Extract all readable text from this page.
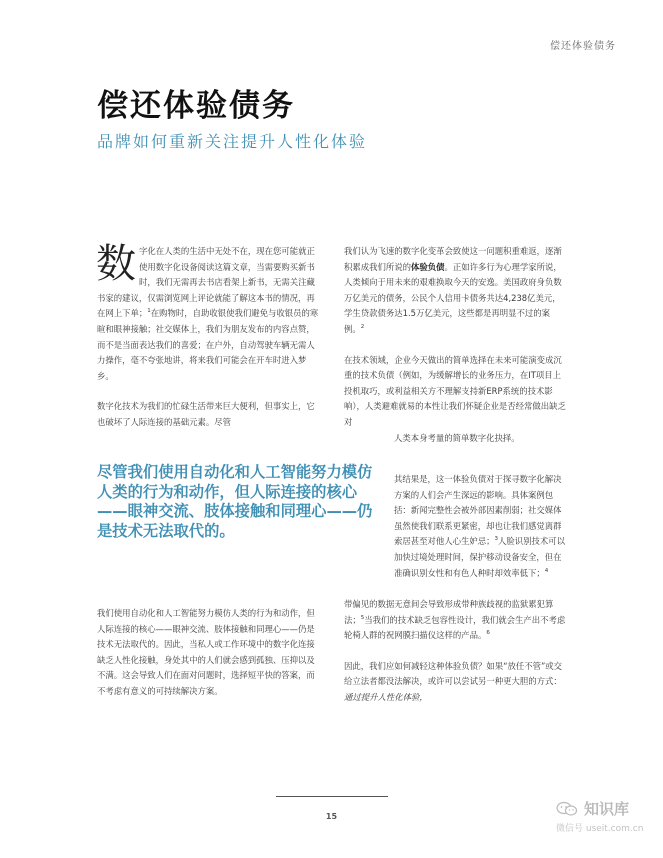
偿还体验债务
偿还体验债务
品牌如何重新关注提升人性化体验

数字化在人类的生活中无处不在，现在您可能就正使用数字化设备阅读这篇文章，当需要购买新书时，我们无需再去书店看架上新书，无需关注藏书家的建议，仅需浏览网上评论就能了解这本书的情况，再在网上下单；$^1$在购物时，自助收银使我们避免与收银员的寒暄和眼神接触；社交媒体上，我们为朋友发布的内容点赞，而不是当面表达我们的喜爱；在户外，自动驾驶车辆无需人力操作，毫不夸张地讲，将来我们可能会在开车时进入梦乡。

数字化技术为我们的忙碌生活带来巨大便利，但事实上，它也破坏了人际连接的基础元素。尽管

尽管我们使用自动化和人工智能努力模仿人类的行为和动作，但人际连接的核心——眼神交流、肢体接触和同理心——仍是技术无法取代的。

我们使用自动化和人工智能努力模仿人类的行为和动作，但人际连接的核心——眼神交流、肢体接触和同理心——仍是技术无法取代的。因此，当私人或工作环境中的数字化连接缺乏人性化接触，身处其中的人们就会感到孤独、压抑以及不满。这会导致人们在面对问题时，选择短平快的答案，而不考虑有意义的可持续解决方案。

我们认为飞速的数字化变革会致使这一问题积重难返，逐渐积累成我们所说的体验负债。正如许多行为心理学家所说，人类倾向于用未来的艰难换取今天的安逸。美国政府身负数万亿美元的债务，公民个人信用卡债务共达4,238亿美元，学生贷款债务达1.5万亿美元，这些都是再明显不过的案例。$^2$

在技术领域，企业今天做出的简单选择在未来可能演变成沉重的技术负债（例如，为缓解增长的业务压力，在IT项目上投机取巧，或利益相关方不理解支持新ERP系统的技术影响），人类避难就易的本性让我们怀疑企业是否经常做出缺乏对

人类本身考量的简单数字化抉择。

其结果是，这一体验负债对于探寻数字化解决方案的人们会产生深远的影响。具体案例包括：新闻完整性会被外部因素削弱；社交媒体虽然使我们联系更紧密，却也让我们感觉离群索居甚至对他人心生妒忌；$^3$人脸识别技术可以加快过境处理时间，保护移动设备安全，但在准确识别女性和有色人种时却效率低下；$^4$

带偏见的数据无意间会导致形成带种族歧视的监狱累犯算法；$^5$当我们的技术缺乏包容性设计，我们就会生产出不考虑轮椅人群的祝网膜扫描仪这样的产品。$^6$

因此，我们应如何减轻这种体验负债？如果“放任不管”或交给立法者都没法解决，或许可以尝试另一种更大胆的方式：通过提升人性化体验，

15	知识库
微信号 useit.com.cn
